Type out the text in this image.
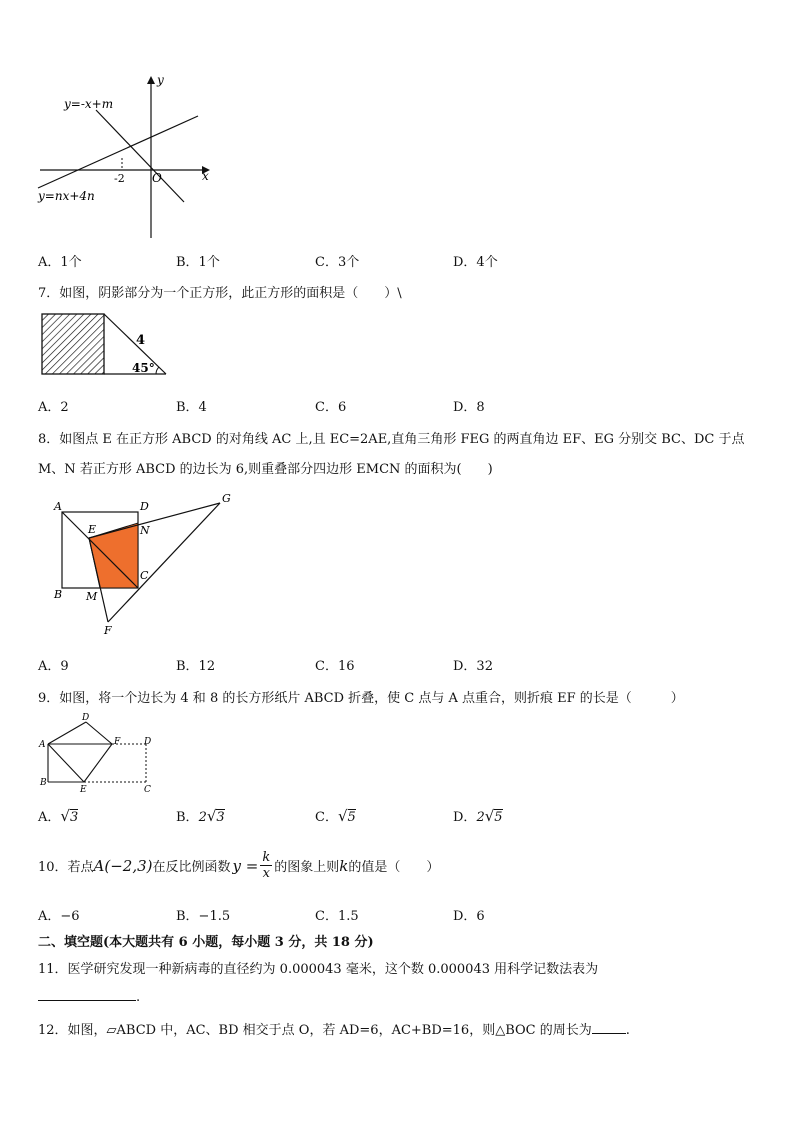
y
x
O
-2
y=-x+m
y=nx+4n
A．1个	B．1个	C．3个	D．4个
7．如图，阴影部分为一个正方形，此正方形的面积是（　　）\
4
45°
A．2	B．4	C．6	D．8
8．如图点 E 在正方形 ABCD 的对角线 AC 上,且 EC=2AE,直角三角形 FEG 的两直角边 EF、EG 分别交 BC、DC 于点
M、N 若正方形 ABCD 的边长为 6,则重叠部分四边形 EMCN 的面积为(　　)
A	D
G
E	N
C
B M
F
A．9	B．12	C．16	D．32
9．如图，将一个边长为 4 和 8 的长方形纸片 ABCD 折叠，使 C 点与 A 点重合，则折痕 EF 的长是（　　　）
D
A	F	D
B
E	C
A．√3	B．2√3	C．√5	D．2√5
10．若点 A(−2,3) 在反比例函数 $y = \frac{k}{x}$ 的图象上则 k 的值是（　　）
A．−6	B．−1.5	C．1.5	D．6
二、填空题(本大题共有 6 小题，每小题 3 分，共 18 分)
11．医学研究发现一种新病毒的直径约为 0.000043 毫米，这个数 0.000043 用科学记数法表为
.
12．如图，▱ABCD 中，AC、BD 相交于点 O，若 AD=6，AC+BD=16，则△BOC 的周长为	.
